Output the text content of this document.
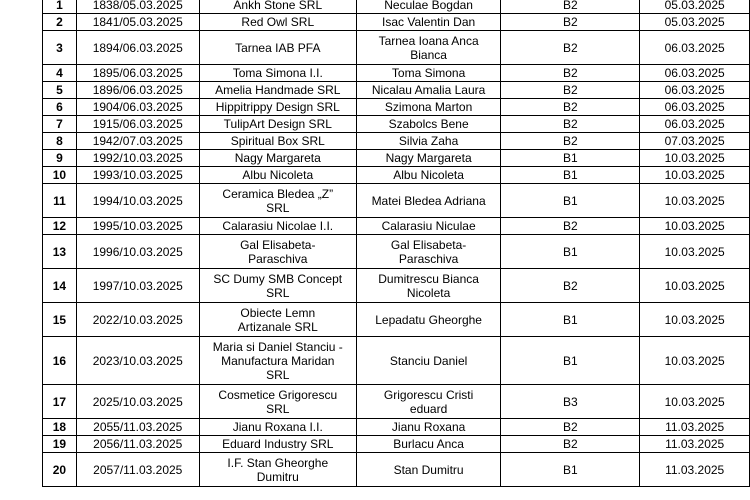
1	1838/05.03.2025	Ankh Stone SRL	Neculae Bogdan	B2	05.03.2025
2	1841/05.03.2025	Red Owl SRL	Isac Valentin Dan	B2	05.03.2025
3	1894/06.03.2025	Tarnea IAB PFA	Tarnea Ioana Anca
Bianca	B2	06.03.2025
4	1895/06.03.2025	Toma Simona I.I.	Toma Simona	B2	06.03.2025
5	1896/06.03.2025	Amelia Handmade SRL	Nicalau Amalia Laura	B2	06.03.2025
6	1904/06.03.2025	Hippitrippy Design SRL	Szimona Marton	B2	06.03.2025
7	1915/06.03.2025	TulipArt Design SRL	Szabolcs Bene	B2	06.03.2025
8	1942/07.03.2025	Spiritual Box SRL	Silvia Zaha	B2	07.03.2025
9	1992/10.03.2025	Nagy Margareta	Nagy Margareta	B1	10.03.2025
10	1993/10.03.2025	Albu Nicoleta	Albu Nicoleta	B1	10.03.2025
11	1994/10.03.2025	Ceramica Bledea „Z”
SRL	Matei Bledea Adriana	B1	10.03.2025
12	1995/10.03.2025	Calarasiu Nicolae I.I.	Calarasiu Niculae	B2	10.03.2025
13	1996/10.03.2025	Gal Elisabeta-
Paraschiva	Gal Elisabeta-
Paraschiva	B1	10.03.2025
14	1997/10.03.2025	SC Dumy SMB Concept
SRL	Dumitrescu Bianca
Nicoleta	B2	10.03.2025
15	2022/10.03.2025	Obiecte Lemn
Artizanale SRL	Lepadatu Gheorghe	B1	10.03.2025
16	2023/10.03.2025	Maria si Daniel Stanciu -
Manufactura Maridan
SRL	Stanciu Daniel	B1	10.03.2025
17	2025/10.03.2025	Cosmetice Grigorescu
SRL	Grigorescu Cristi
eduard	B3	10.03.2025
18	2055/11.03.2025	Jianu Roxana I.I.	Jianu Roxana	B2	11.03.2025
19	2056/11.03.2025	Eduard Industry SRL	Burlacu Anca	B2	11.03.2025
20	2057/11.03.2025	I.F. Stan Gheorghe
Dumitru	Stan Dumitru	B1	11.03.2025
